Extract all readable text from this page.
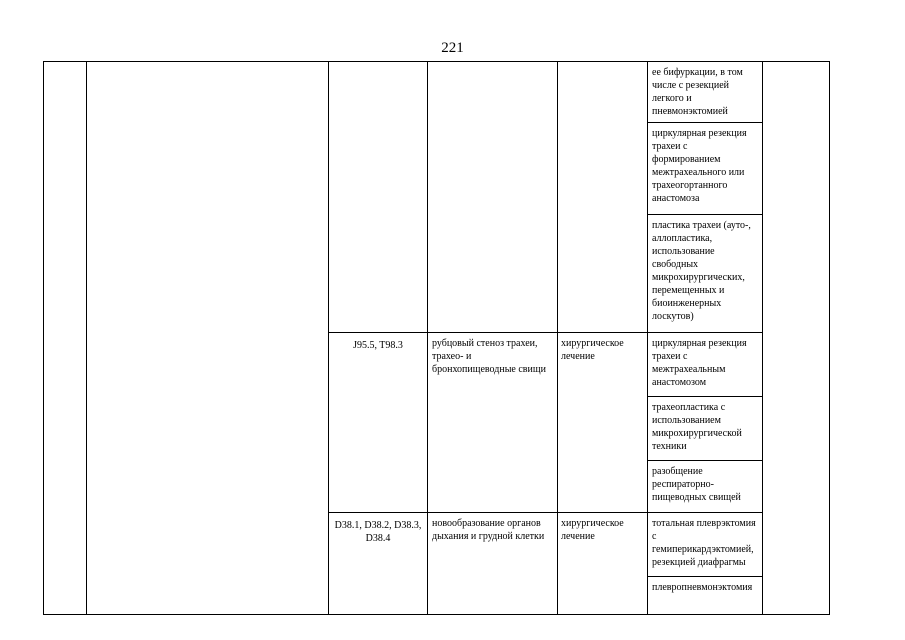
221
					ее бифуркации, в том числе с резекцией легкого и пневмонэктомией	
					циркулярная резекция трахеи с формированием межтрахеального или трахеогортанного анастомоза	
					пластика трахеи (ауто-, аллопластика, использование свободных микрохирургических, перемещенных и биоинженерных лоскутов)	
		J95.5, T98.3	рубцовый стеноз трахеи, трахео- и бронхопищеводные свищи	хирургическое лечение	циркулярная резекция трахеи с межтрахеальным анастомозом	
					трахеопластика с использованием микрохирургической техники	
					разобщение респираторно-пищеводных свищей	
		D38.1, D38.2, D38.3, D38.4	новообразование органов дыхания и грудной клетки	хирургическое лечение	тотальная плеврэктомия с гемиперикардэктомией, резекцией диафрагмы	
					плевропневмонэктомия	
